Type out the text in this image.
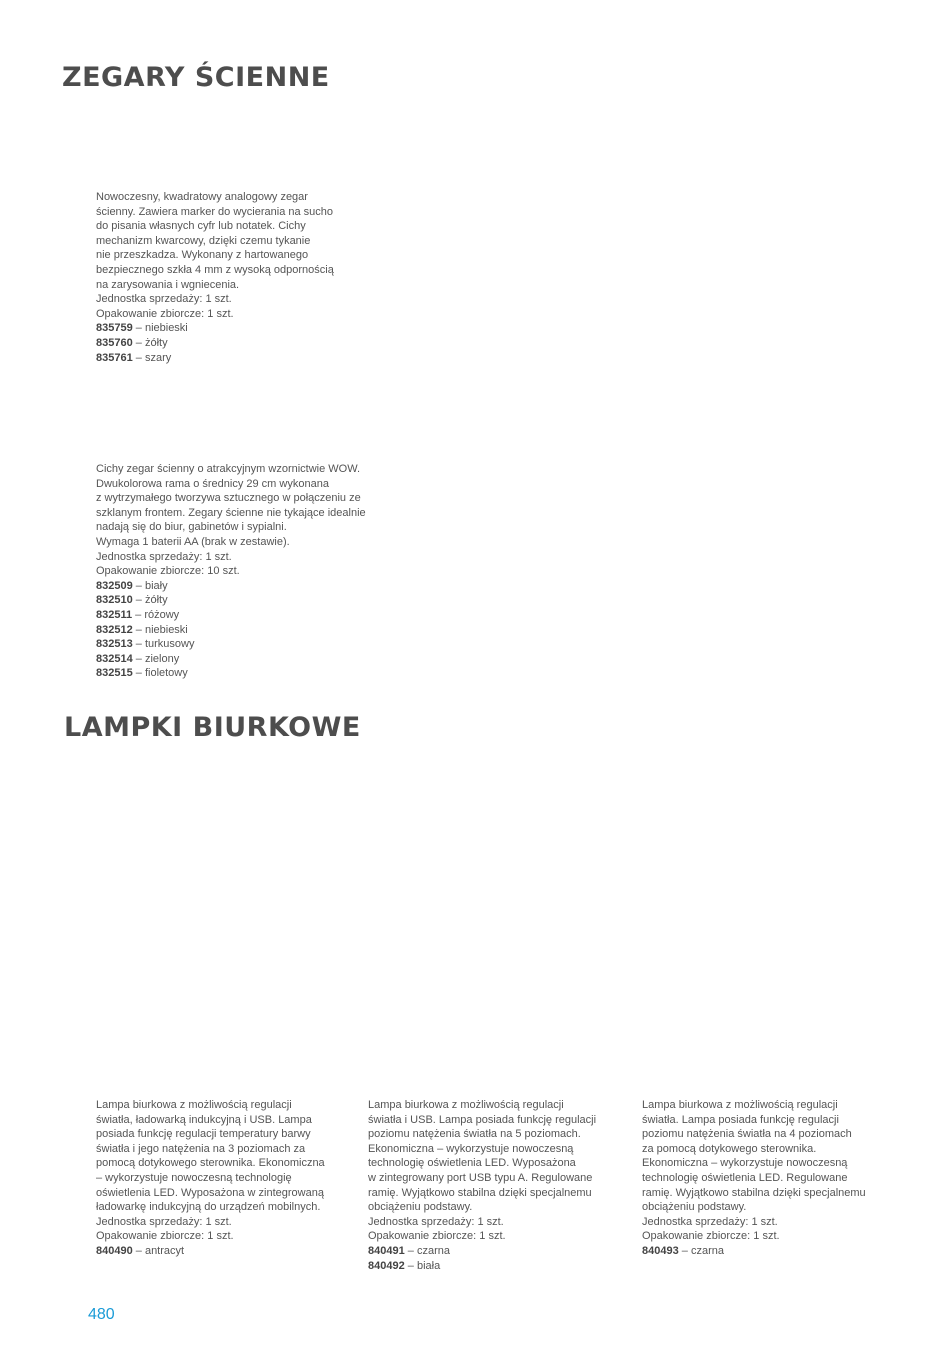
ZEGARY ŚCIENNE

Nowoczesny, kwadratowy analogowy zegar
ścienny. Zawiera marker do wycierania na sucho
do pisania własnych cyfr lub notatek. Cichy
mechanizm kwarcowy, dzięki czemu tykanie
nie przeszkadza. Wykonany z hartowanego
bezpiecznego szkła 4 mm z wysoką odpornością
na zarysowania i wgniecenia.

Jednostka sprzedaży: 1 szt.

Opakowanie zbiorcze: 1 szt.

835759 – niebieski

835760 – żółty

835761 – szary

Cichy zegar ścienny o atrakcyjnym wzornictwie WOW.
Dwukolorowa rama o średnicy 29 cm wykonana
z wytrzymałego tworzywa sztucznego w połączeniu ze
szklanym frontem. Zegary ścienne nie tykające idealnie
nadają się do biur, gabinetów i sypialni.
Wymaga 1 baterii AA (brak w zestawie).

Jednostka sprzedaży: 1 szt.

Opakowanie zbiorcze: 10 szt.

832509 – biały

832510 – żółty

832511 – różowy

832512 – niebieski

832513 – turkusowy

832514 – zielony

832515 – fioletowy

LAMPKI BIURKOWE

Lampa biurkowa z możliwością regulacji
światła, ładowarką indukcyjną i USB. Lampa
posiada funkcję regulacji temperatury barwy
światła i jego natężenia na 3 poziomach za
pomocą dotykowego sterownika. Ekonomiczna
– wykorzystuje nowoczesną technologię
oświetlenia LED. Wyposażona w zintegrowaną
ładowarkę indukcyjną do urządzeń mobilnych.

Jednostka sprzedaży: 1 szt.

Opakowanie zbiorcze: 1 szt.

840490 – antracyt

Lampa biurkowa z możliwością regulacji
światła i USB. Lampa posiada funkcję regulacji
poziomu natężenia światła na 5 poziomach.
Ekonomiczna – wykorzystuje nowoczesną
technologię oświetlenia LED. Wyposażona
w zintegrowany port USB typu A. Regulowane
ramię. Wyjątkowo stabilna dzięki specjalnemu
obciążeniu podstawy.

Jednostka sprzedaży: 1 szt.

Opakowanie zbiorcze: 1 szt.

840491 – czarna

840492 – biała

Lampa biurkowa z możliwością regulacji
światła. Lampa posiada funkcję regulacji
poziomu natężenia światła na 4 poziomach
za pomocą dotykowego sterownika.
Ekonomiczna – wykorzystuje nowoczesną
technologię oświetlenia LED. Regulowane
ramię. Wyjątkowo stabilna dzięki specjalnemu
obciążeniu podstawy.

Jednostka sprzedaży: 1 szt.

Opakowanie zbiorcze: 1 szt.

840493 – czarna

480
